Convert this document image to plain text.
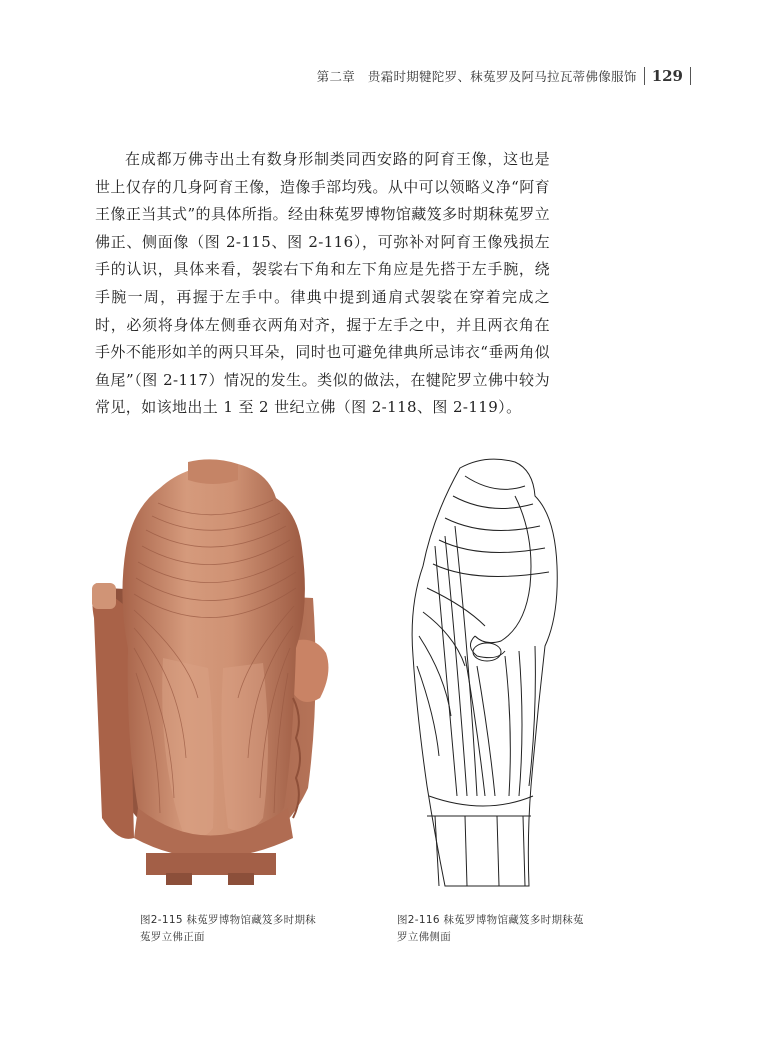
第二章　贵霜时期犍陀罗、秣菟罗及阿马拉瓦蒂佛像服饰 129

在成都万佛寺出土有数身形制类同西安路的阿育王像，这也是世上仅存的几身阿育王像，造像手部均残。从中可以领略义净“阿育王像正当其式”的具体所指。经由秣菟罗博物馆藏笈多时期秣菟罗立佛正、侧面像（图 2-115、图 2-116），可弥补对阿育王像残损左手的认识，具体来看，袈裟右下角和左下角应是先搭于左手腕，绕手腕一周，再握于左手中。律典中提到通肩式袈裟在穿着完成之时，必须将身体左侧垂衣两角对齐，握于左手之中，并且两衣角在手外不能形如羊的两只耳朵，同时也可避免律典所忌讳衣“垂两角似鱼尾”（图 2-117）情况的发生。类似的做法，在犍陀罗立佛中较为常见，如该地出土 1 至 2 世纪立佛（图 2-118、图 2-119）。

图2-115 秣菟罗博物馆藏笈多时期秣菟罗立佛正面
图2-116 秣菟罗博物馆藏笈多时期秣菟罗立佛侧面
